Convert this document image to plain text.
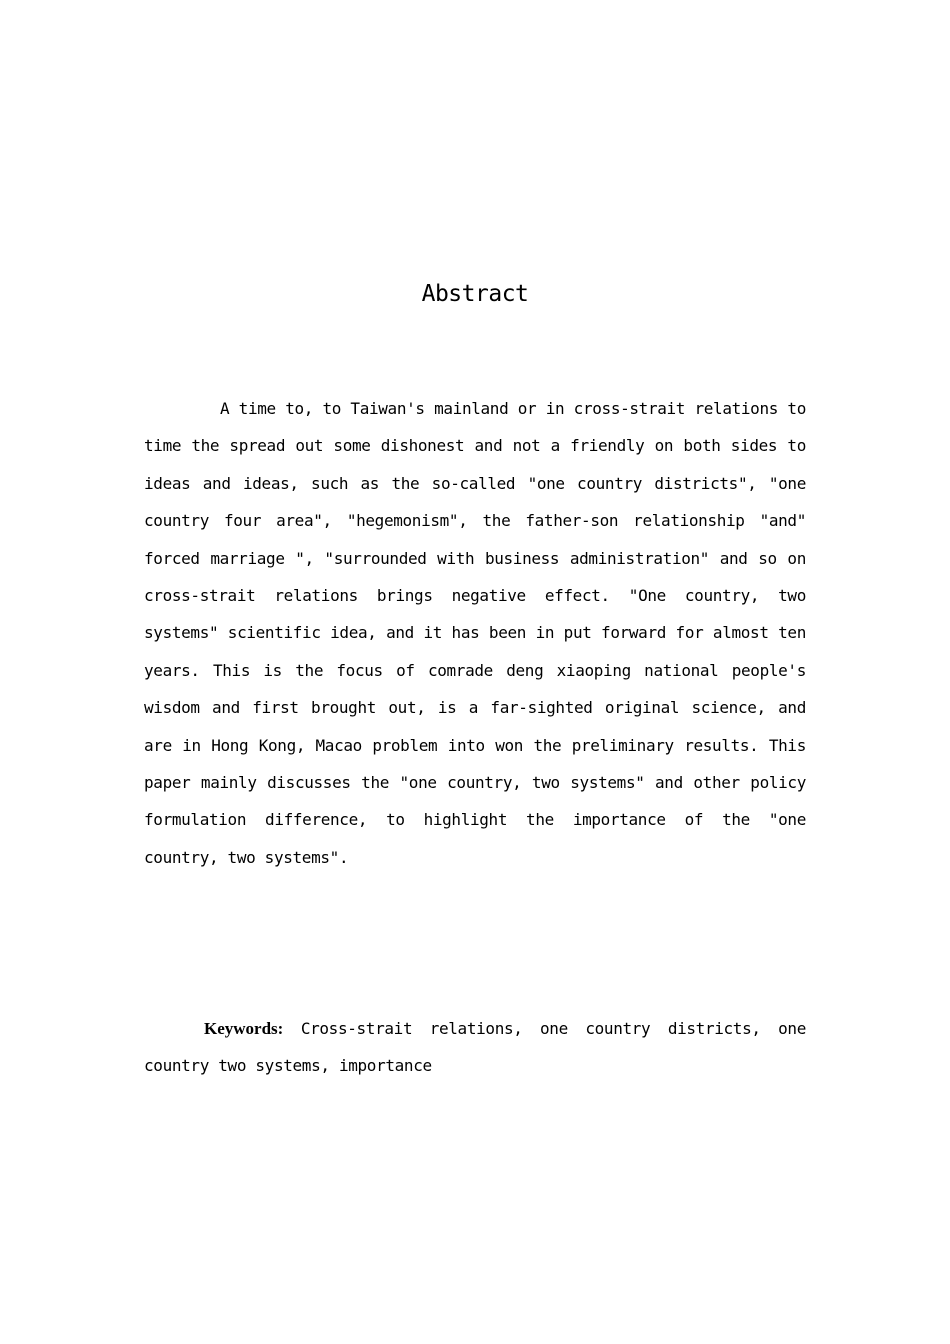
Abstract

A time to, to Taiwan's mainland or in cross-strait relations to time the spread out some dishonest and not a friendly on both sides to ideas and ideas, such as the so-called "one country districts", "one country four area", "hegemonism", the father-son relationship "and" forced marriage ", "surrounded with business administration" and so on cross-strait relations brings negative effect. "One country, two systems" scientific idea, and it has been in put forward for almost ten years. This is the focus of comrade deng xiaoping national people's wisdom and first brought out, is a far-sighted original science, and are in Hong Kong, Macao problem into won the preliminary results. This paper mainly discusses the "one country, two systems" and other policy formulation difference, to highlight the importance of the "one country, two systems".

Keywords: Cross-strait relations, one country districts, one country two systems, importance
